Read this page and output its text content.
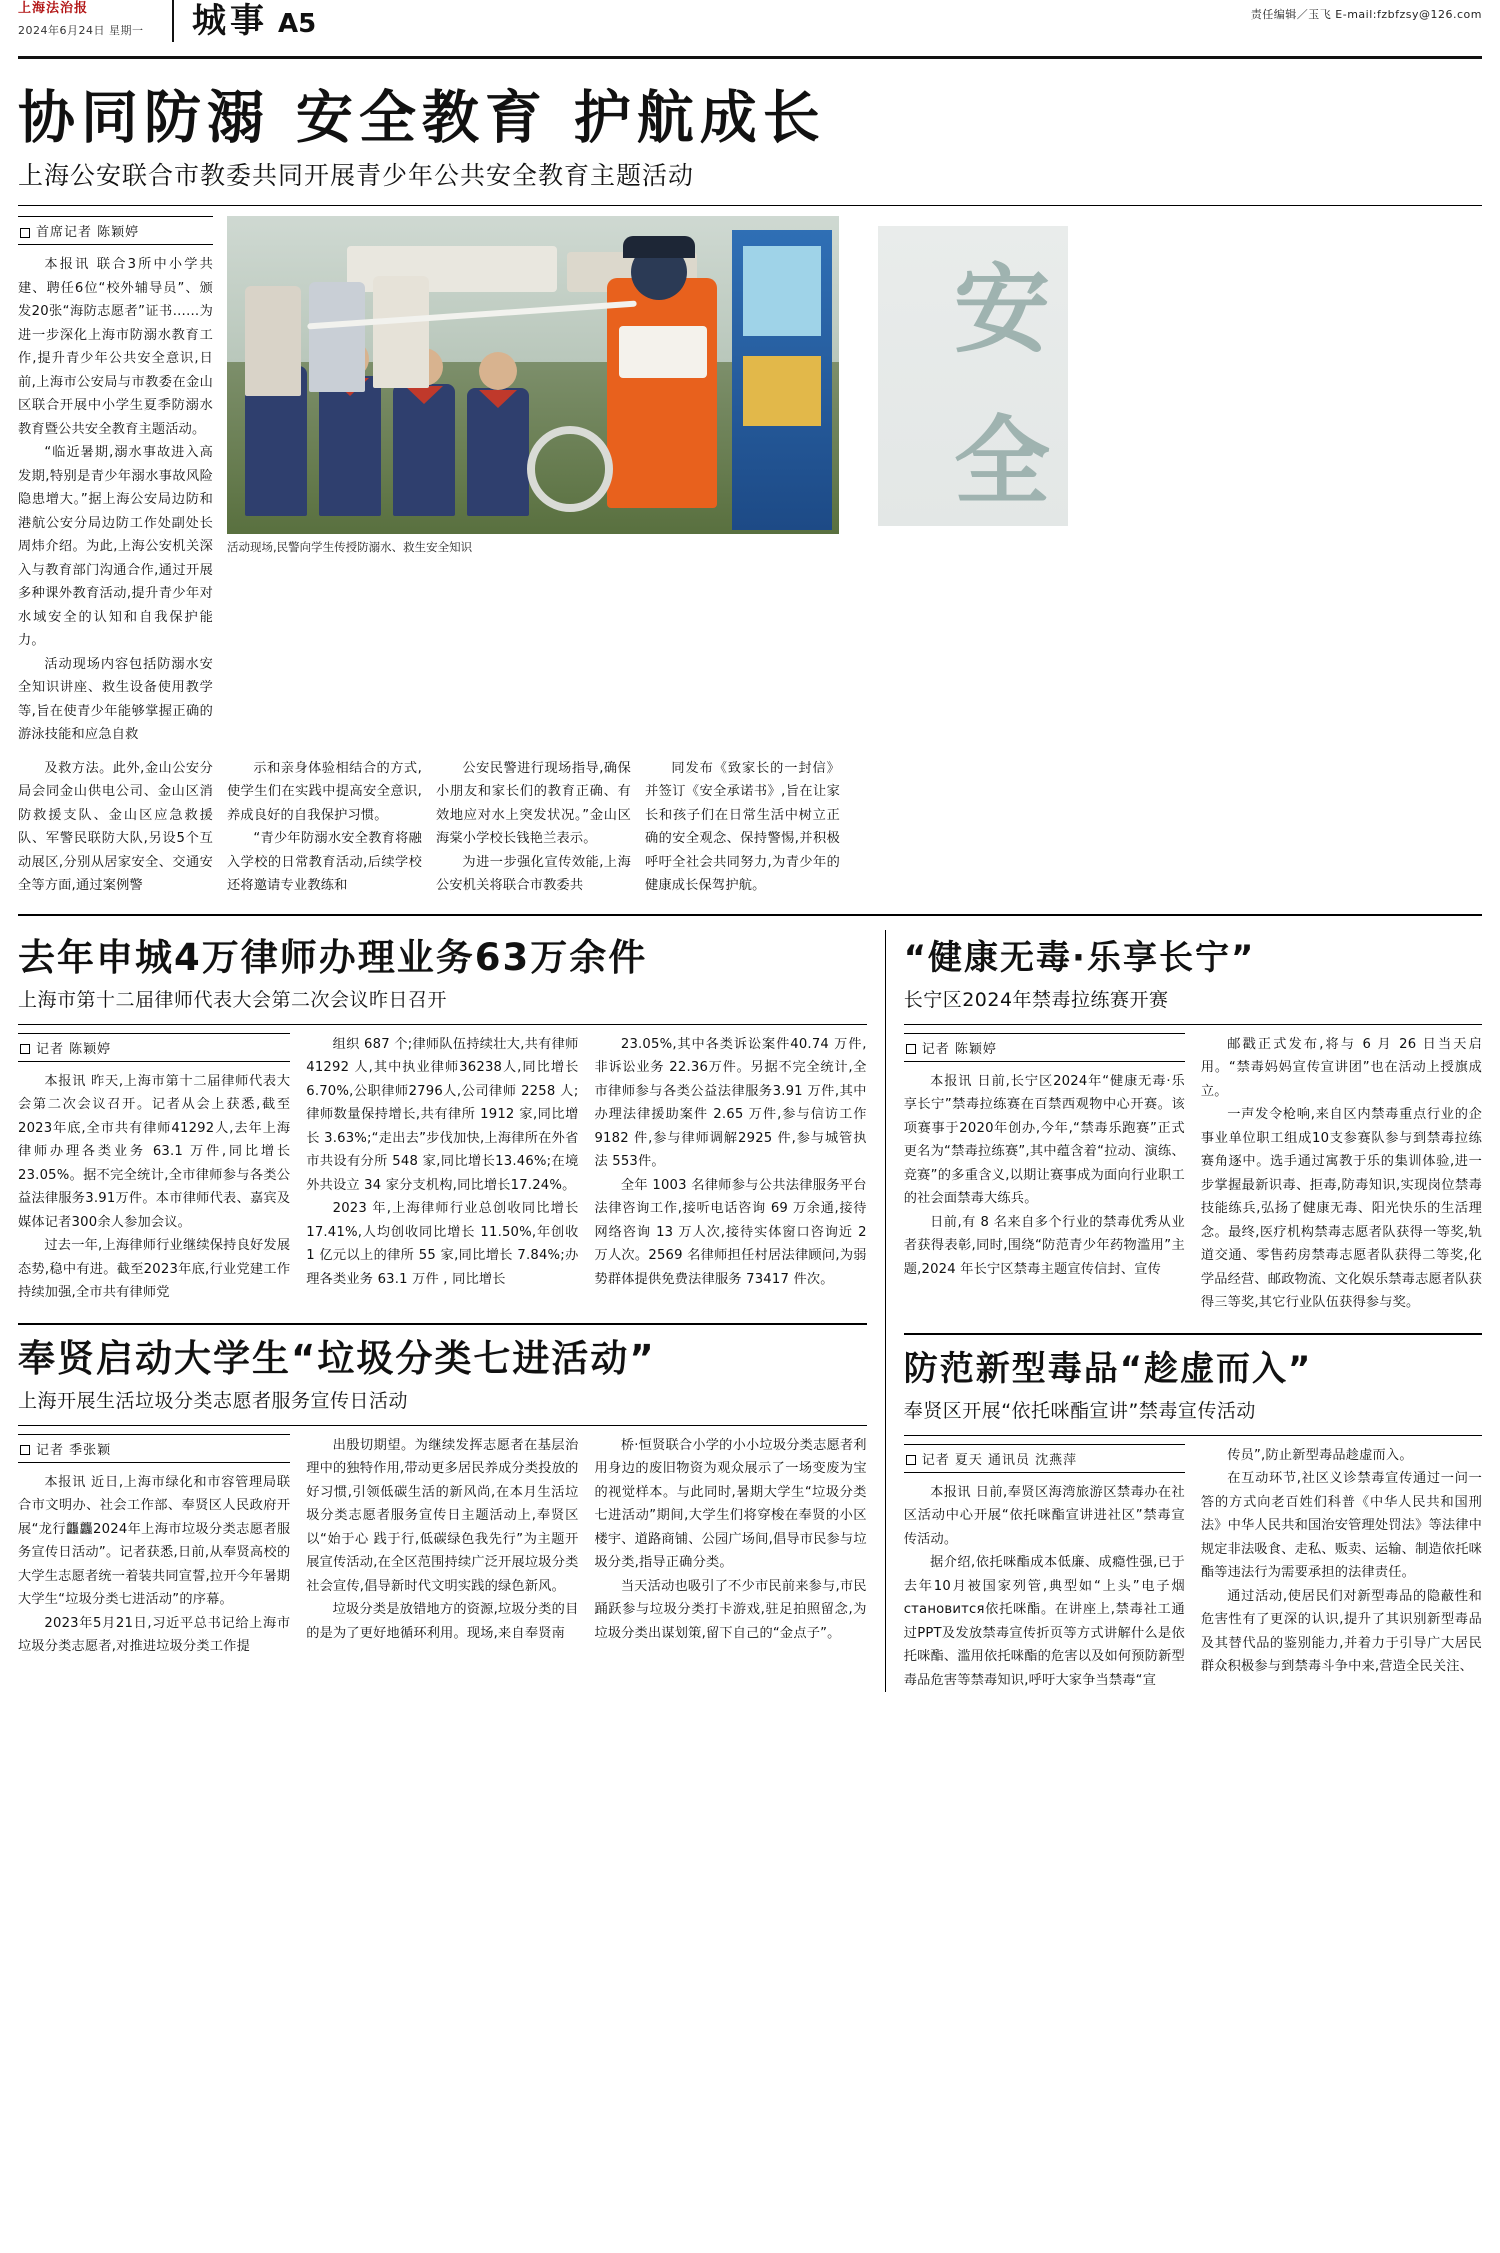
上海法治报
2024年6月24日 星期一	城事 A5	责任编辑／玉飞 E-mail:fzbfzsy@126.com
协同防溺 安全教育 护航成长
上海公安联合市教委共同开展青少年公共安全教育主题活动
首席记者 陈颖婷

本报讯 联合3所中小学共建、聘任6位“校外辅导员”、颁发20张“海防志愿者”证书……为进一步深化上海市防溺水教育工作,提升青少年公共安全意识,日前,上海市公安局与市教委在金山区联合开展中小学生夏季防溺水教育暨公共安全教育主题活动。

“临近暑期,溺水事故进入高发期,特别是青少年溺水事故风险隐患增大。”据上海公安局边防和港航公安分局边防工作处副处长周炜介绍。为此,上海公安机关深入与教育部门沟通合作,通过开展多种课外教育活动,提升青少年对水域安全的认知和自我保护能力。

活动现场内容包括防溺水安全知识讲座、救生设备使用教学等,旨在使青少年能够掌握正确的游泳技能和应急自救

活动现场,民警向学生传授防溺水、救生安全知识
安
全

及救方法。此外,金山公安分局会同金山供电公司、金山区消防救援支队、金山区应急救援队、军警民联防大队,另设5个互动展区,分别从居家安全、交通安全等方面,通过案例警

示和亲身体验相结合的方式,使学生们在实践中提高安全意识,养成良好的自我保护习惯。

“青少年防溺水安全教育将融入学校的日常教育活动,后续学校还将邀请专业教练和

公安民警进行现场指导,确保小朋友和家长们的教育正确、有效地应对水上突发状况。”金山区海棠小学校长钱艳兰表示。

为进一步强化宣传效能,上海公安机关将联合市教委共

同发布《致家长的一封信》并签订《安全承诺书》,旨在让家长和孩子们在日常生活中树立正确的安全观念、保持警惕,并积极呼吁全社会共同努力,为青少年的健康成长保驾护航。

去年申城4万律师办理业务63万余件
上海市第十二届律师代表大会第二次会议昨日召开
记者 陈颖婷

本报讯 昨天,上海市第十二届律师代表大会第二次会议召开。记者从会上获悉,截至2023年底,全市共有律师41292人,去年上海律师办理各类业务 63.1 万件,同比增长 23.05%。据不完全统计,全市律师参与各类公益法律服务3.91万件。本市律师代表、嘉宾及媒体记者300余人参加会议。

过去一年,上海律师行业继续保持良好发展态势,稳中有进。截至2023年底,行业党建工作持续加强,全市共有律师党

组织 687 个;律师队伍持续壮大,共有律师 41292 人,其中执业律师36238人,同比增长6.70%,公职律师2796人,公司律师 2258 人;律师数量保持增长,共有律所 1912 家,同比增长 3.63%;“走出去”步伐加快,上海律所在外省市共设有分所 548 家,同比增长13.46%;在境外共设立 34 家分支机构,同比增长17.24%。

2023 年,上海律师行业总创收同比增长 17.41%,人均创收同比增长 11.50%,年创收 1 亿元以上的律所 55 家,同比增长 7.84%;办理各类业务 63.1 万件 , 同比增长

23.05%,其中各类诉讼案件40.74 万件,非诉讼业务 22.36万件。另据不完全统计,全市律师参与各类公益法律服务3.91 万件,其中办理法律援助案件 2.65 万件,参与信访工作 9182 件,参与律师调解2925 件,参与城管执法 553件。

全年 1003 名律师参与公共法律服务平台法律咨询工作,接听电话咨询 69 万余通,接待网络咨询 13 万人次,接待实体窗口咨询近 2 万人次。2569 名律师担任村居法律顾问,为弱势群体提供免费法律服务 73417 件次。

奉贤启动大学生“垃圾分类七进活动”
上海开展生活垃圾分类志愿者服务宣传日活动
记者 季张颖

本报讯 近日,上海市绿化和市容管理局联合市文明办、社会工作部、奉贤区人民政府开展“龙行龘龘2024年上海市垃圾分类志愿者服务宣传日活动”。记者获悉,日前,从奉贤高校的大学生志愿者统一着装共同宣誓,拉开今年暑期大学生“垃圾分类七进活动”的序幕。

2023年5月21日,习近平总书记给上海市垃圾分类志愿者,对推进垃圾分类工作提

出殷切期望。为继续发挥志愿者在基层治理中的独特作用,带动更多居民养成分类投放的好习惯,引领低碳生活的新风尚,在本月生活垃圾分类志愿者服务宣传日主题活动上,奉贤区以“始于心 践于行,低碳绿色我先行”为主题开展宣传活动,在全区范围持续广泛开展垃圾分类社会宣传,倡导新时代文明实践的绿色新风。

垃圾分类是放错地方的资源,垃圾分类的目的是为了更好地循环利用。现场,来自奉贤南

桥·恒贤联合小学的小小垃圾分类志愿者利用身边的废旧物资为观众展示了一场变废为宝的视觉样本。与此同时,暑期大学生“垃圾分类七进活动”期间,大学生们将穿梭在奉贤的小区楼宇、道路商铺、公园广场间,倡导市民参与垃圾分类,指导正确分类。

当天活动也吸引了不少市民前来参与,市民踊跃参与垃圾分类打卡游戏,驻足拍照留念,为垃圾分类出谋划策,留下自己的“金点子”。

“健康无毒·乐享长宁”
长宁区2024年禁毒拉练赛开赛
记者 陈颖婷

本报讯 日前,长宁区2024年“健康无毒·乐享长宁”禁毒拉练赛在百禁西观物中心开赛。该项赛事于2020年创办,今年,“禁毒乐跑赛”正式更名为“禁毒拉练赛”,其中蕴含着“拉动、演练、竞赛”的多重含义,以期让赛事成为面向行业职工的社会面禁毒大练兵。

日前,有 8 名来自多个行业的禁毒优秀从业者获得表彰,同时,围绕“防范青少年药物滥用”主题,2024 年长宁区禁毒主题宣传信封、宣传

邮戳正式发布,将与 6 月 26 日当天启用。“禁毒妈妈宣传宣讲团”也在活动上授旗成立。

一声发令枪响,来自区内禁毒重点行业的企事业单位职工组成10支参赛队参与到禁毒拉练赛角逐中。选手通过寓教于乐的集训体验,进一步掌握最新识毒、拒毒,防毒知识,实现岗位禁毒技能练兵,弘扬了健康无毒、阳光快乐的生活理念。最终,医疗机构禁毒志愿者队获得一等奖,轨道交通、零售药房禁毒志愿者队获得二等奖,化学品经营、邮政物流、文化娱乐禁毒志愿者队获得三等奖,其它行业队伍获得参与奖。

防范新型毒品“趁虚而入”
奉贤区开展“依托咪酯宣讲”禁毒宣传活动
记者 夏天 通讯员 沈燕萍

本报讯 日前,奉贤区海湾旅游区禁毒办在社区活动中心开展“依托咪酯宣讲进社区”禁毒宣传活动。

据介绍,依托咪酯成本低廉、成瘾性强,已于去年10月被国家列管,典型如“上头”电子烟становится依托咪酯。在讲座上,禁毒社工通过PPT及发放禁毒宣传折页等方式讲解什么是依托咪酯、滥用依托咪酯的危害以及如何预防新型毒品危害等禁毒知识,呼吁大家争当禁毒“宣

传员”,防止新型毒品趁虚而入。

在互动环节,社区义诊禁毒宣传通过一问一答的方式向老百姓们科普《中华人民共和国刑法》中华人民共和国治安管理处罚法》等法律中规定非法吸食、走私、贩卖、运输、制造依托咪酯等违法行为需要承担的法律责任。

通过活动,使居民们对新型毒品的隐蔽性和危害性有了更深的认识,提升了其识别新型毒品及其替代品的鉴别能力,并着力于引导广大居民群众积极参与到禁毒斗争中来,营造全民关注、
